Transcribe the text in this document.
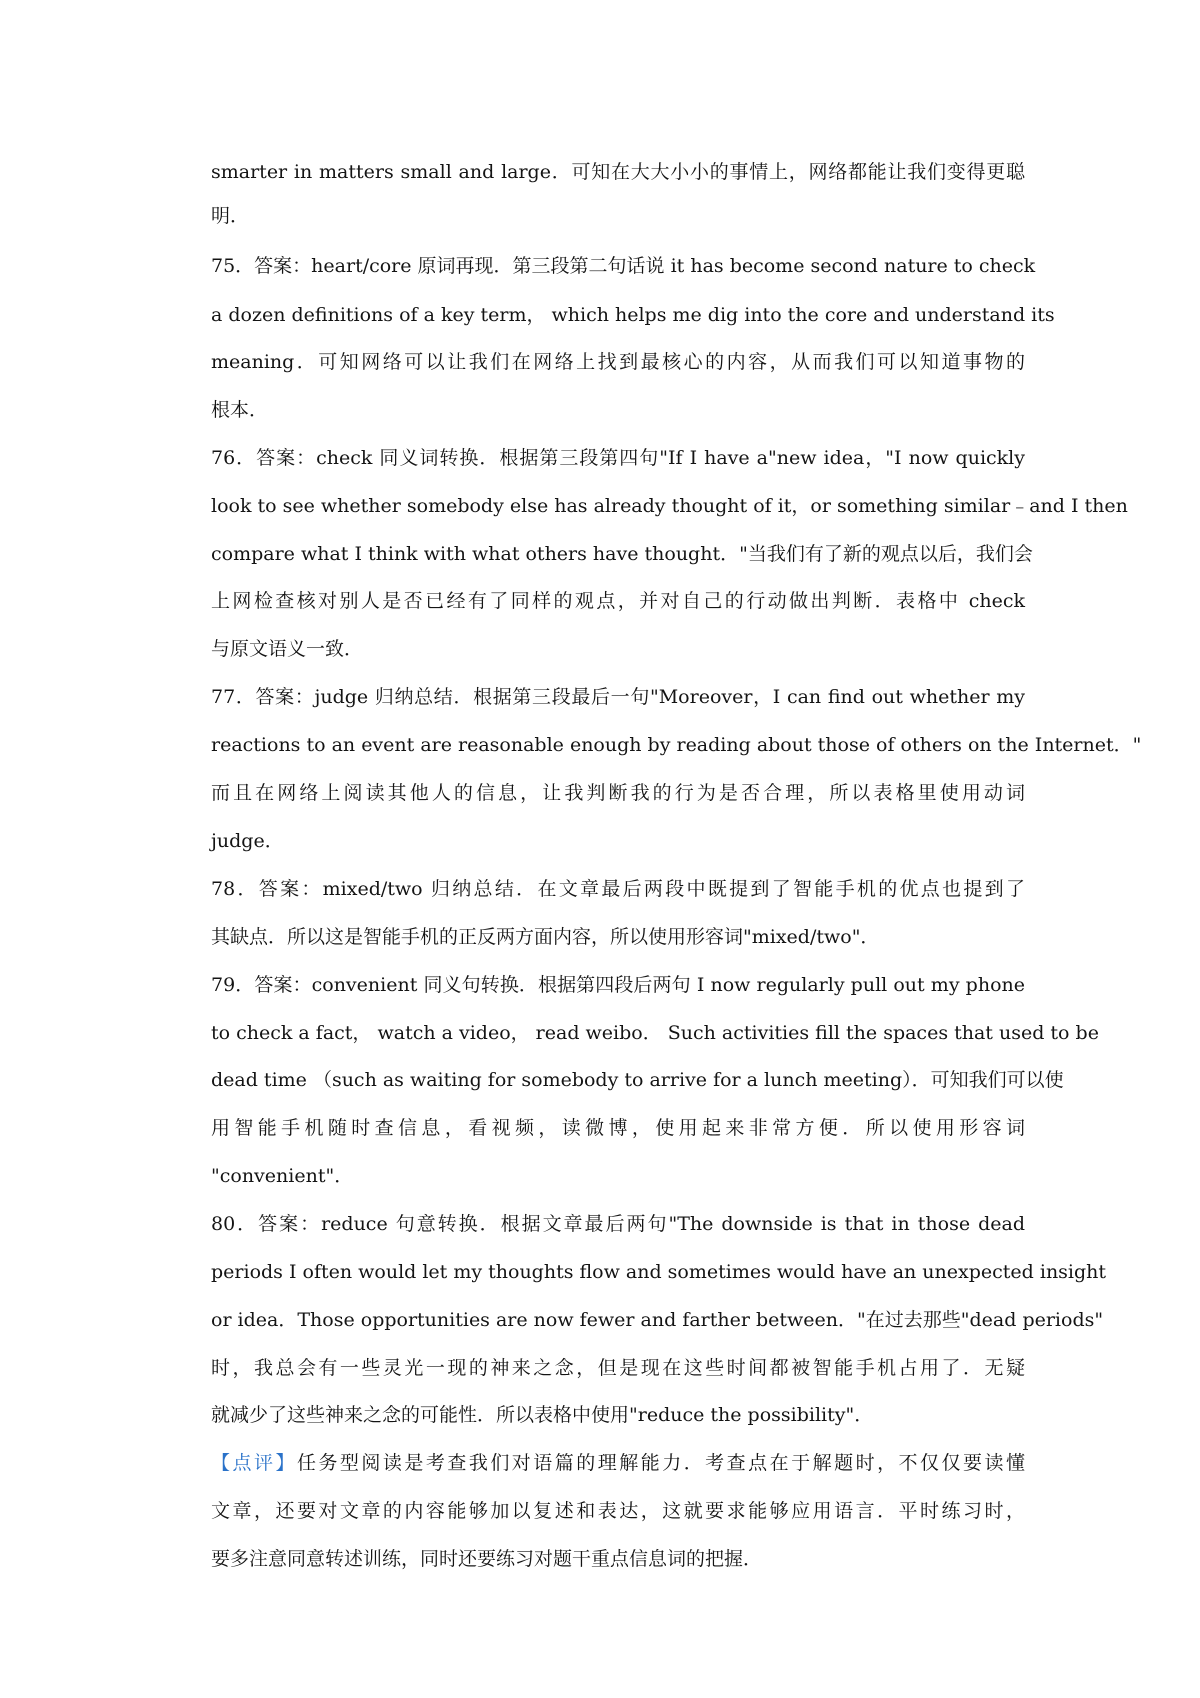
smarter in matters small and large．可知在大大小小的事情上，网络都能让我们变得更聪
明．
75．答案：heart/core 原词再现．第三段第二句话说 it has become second nature to check
a dozen definitions of a key term， which helps me dig into the core and understand its
meaning．可知网络可以让我们在网络上找到最核心的内容，从而我们可以知道事物的
根本．
76．答案：check 同义词转换．根据第三段第四句"If I have a"new idea，"I now quickly
look to see whether somebody else has already thought of it，or something similar﹣and I then
compare what I think with what others have thought．"当我们有了新的观点以后，我们会
上网检查核对别人是否已经有了同样的观点，并对自己的行动做出判断．表格中 check
与原文语义一致．
77．答案：judge 归纳总结．根据第三段最后一句"Moreover，I can find out whether my
reactions to an event are reasonable enough by reading about those of others on the Internet．"
而且在网络上阅读其他人的信息，让我判断我的行为是否合理，所以表格里使用动词
judge．
78．答案：mixed/two 归纳总结．在文章最后两段中既提到了智能手机的优点也提到了
其缺点．所以这是智能手机的正反两方面内容，所以使用形容词"mixed/two"．
79．答案：convenient 同义句转换．根据第四段后两句 I now regularly pull out my phone
to check a fact， watch a video， read weibo． Such activities fill the spaces that used to be
dead time （such as waiting for somebody to arrive for a lunch meeting）．可知我们可以使
用智能手机随时查信息，看视频，读微博，使用起来非常方便．所以使用形容词
"convenient"．
80．答案：reduce 句意转换．根据文章最后两句"The downside is that in those dead
periods I often would let my thoughts flow and sometimes would have an unexpected insight
or idea．Those opportunities are now fewer and farther between．"在过去那些"dead periods"
时，我总会有一些灵光一现的神来之念，但是现在这些时间都被智能手机占用了．无疑
就减少了这些神来之念的可能性．所以表格中使用"reduce the possibility"．
【点评】任务型阅读是考查我们对语篇的理解能力．考查点在于解题时，不仅仅要读懂
文章，还要对文章的内容能够加以复述和表达，这就要求能够应用语言．平时练习时，
要多注意同意转述训练，同时还要练习对题干重点信息词的把握．
